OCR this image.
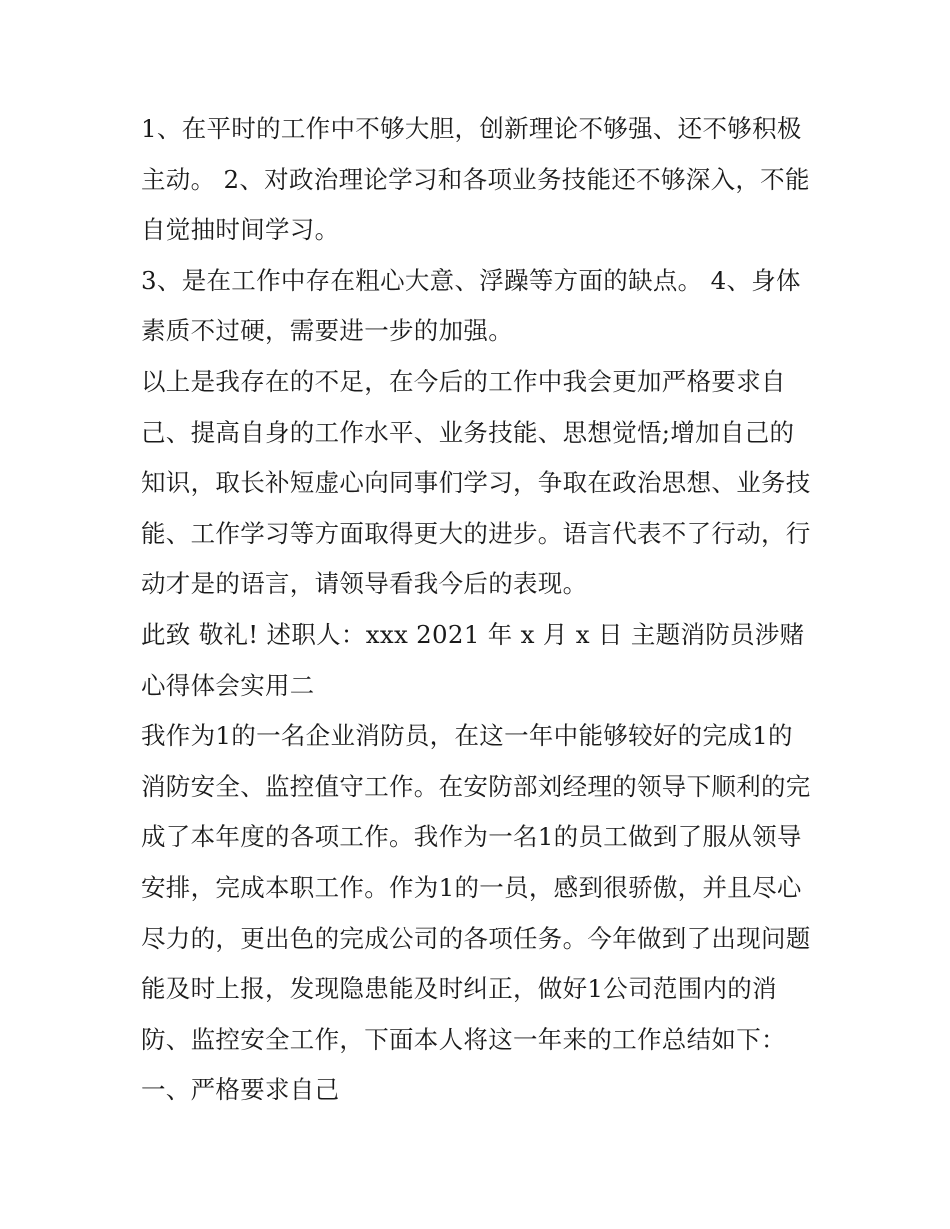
1、在平时的工作中不够大胆，创新理论不够强、还不够积极主动。 2、对政治理论学习和各项业务技能还不够深入，不能自觉抽时间学习。

3、是在工作中存在粗心大意、浮躁等方面的缺点。 4、身体素质不过硬，需要进一步的加强。

以上是我存在的不足，在今后的工作中我会更加严格要求自己、提高自身的工作水平、业务技能、思想觉悟;增加自己的知识，取长补短虚心向同事们学习，争取在政治思想、业务技能、工作学习等方面取得更大的进步。语言代表不了行动，行动才是的语言，请领导看我今后的表现。

此致 敬礼! 述职人：xxx 2021 年 x 月 x 日 主题消防员涉赌心得体会实用二

我作为1的一名企业消防员，在这一年中能够较好的完成1的消防安全、监控值守工作。在安防部刘经理的领导下顺利的完成了本年度的各项工作。我作为一名1的员工做到了服从领导安排，完成本职工作。作为1的一员，感到很骄傲，并且尽心尽力的，更出色的完成公司的各项任务。今年做到了出现问题能及时上报，发现隐患能及时纠正，做好1公司范围内的消防、监控安全工作，下面本人将这一年来的工作总结如下：

一、严格要求自己
